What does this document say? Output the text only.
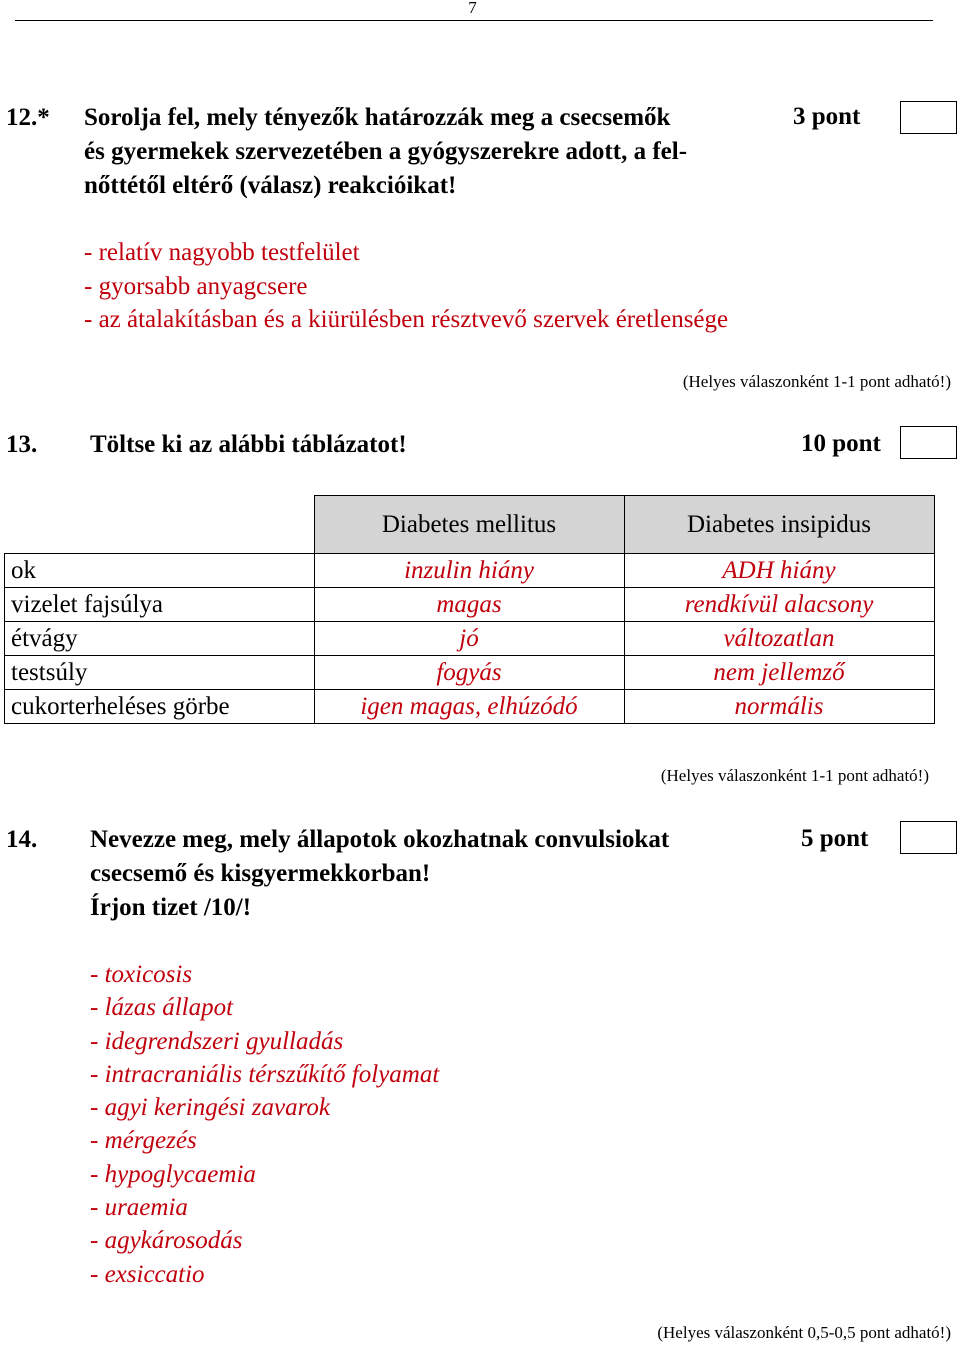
7
12.* Sorolja fel, mely tényezők határozzák meg a csecsemők
és gyermekek szervezetében a gyógyszerekre adott, a fel-
nőttétől eltérő (válasz) reakcióikat!
3 pont
- relatív nagyobb testfelület
- gyorsabb anyagcsere
- az átalakításban és a kiürülésben résztvevő szervek éretlensége
(Helyes válaszonként 1-1 pont adható!)
13. Töltse ki az alábbi táblázatot!	10 pont
	Diabetes mellitus	Diabetes insipidus
ok	inzulin hiány	ADH hiány
vizelet fajsúlya	magas	rendkívül alacsony
étvágy	jó	változatlan
testsúly	fogyás	nem jellemző
cukorterheléses görbe	igen magas, elhúzódó	normális
(Helyes válaszonként 1-1 pont adható!)
14. Nevezze meg, mely állapotok okozhatnak convulsiokat
csecsemő és kisgyermekkorban!
Írjon tizet /10/!
5 pont
- toxicosis
- lázas állapot
- idegrendszeri gyulladás
- intracraniális térszűkítő folyamat
- agyi keringési zavarok
- mérgezés
- hypoglycaemia
- uraemia
- agykárosodás
- exsiccatio
(Helyes válaszonként 0,5-0,5 pont adható!)
